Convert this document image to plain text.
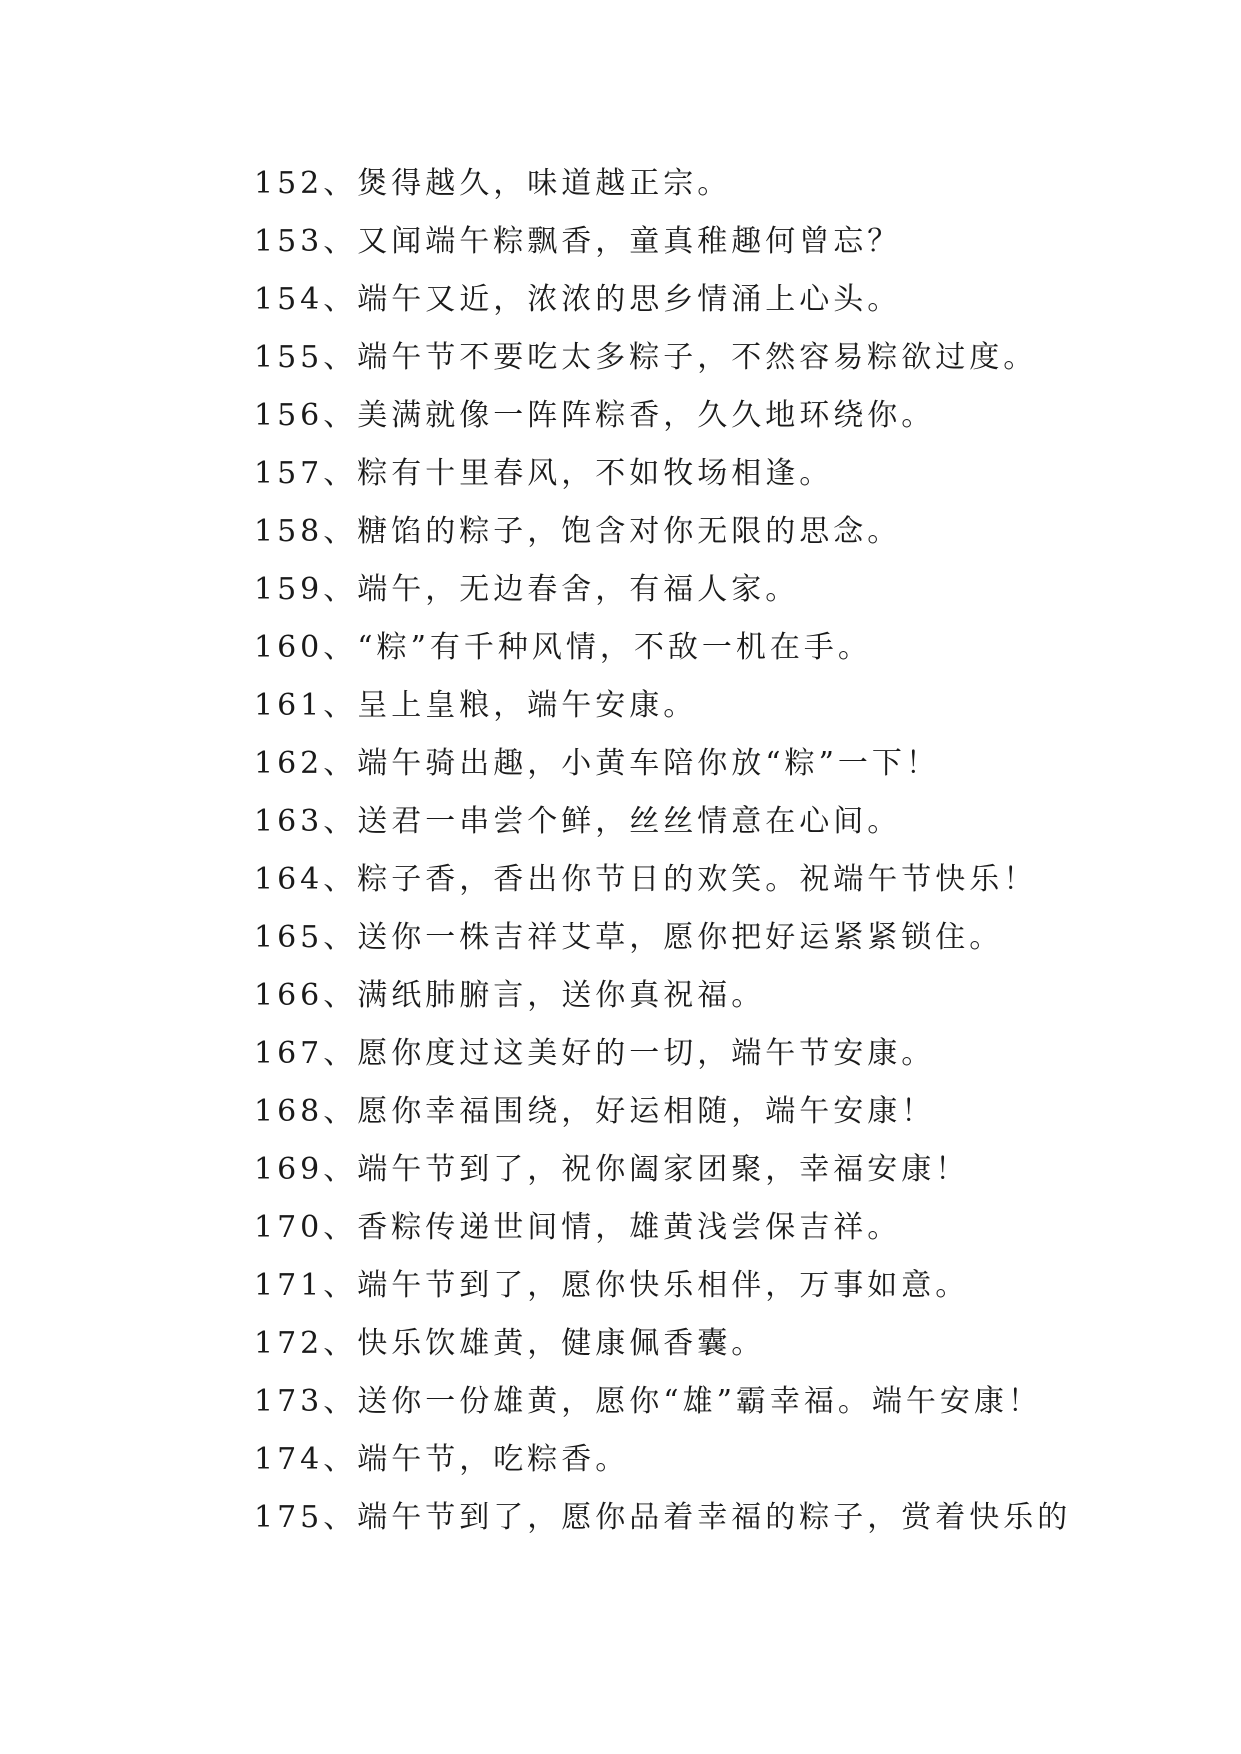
152、煲得越久，味道越正宗。
153、又闻端午粽飘香，童真稚趣何曾忘？
154、端午又近，浓浓的思乡情涌上心头。
155、端午节不要吃太多粽子，不然容易粽欲过度。
156、美满就像一阵阵粽香，久久地环绕你。
157、粽有十里春风，不如牧场相逢。
158、糖馅的粽子，饱含对你无限的思念。
159、端午，无边春舍，有福人家。
160、“粽”有千种风情，不敌一机在手。
161、呈上皇粮，端午安康。
162、端午骑出趣，小黄车陪你放“粽”一下！
163、送君一串尝个鲜，丝丝情意在心间。
164、粽子香，香出你节日的欢笑。祝端午节快乐！
165、送你一株吉祥艾草，愿你把好运紧紧锁住。
166、满纸肺腑言，送你真祝福。
167、愿你度过这美好的一切，端午节安康。
168、愿你幸福围绕，好运相随，端午安康！
169、端午节到了，祝你阖家团聚，幸福安康！
170、香粽传递世间情，雄黄浅尝保吉祥。
171、端午节到了，愿你快乐相伴，万事如意。
172、快乐饮雄黄，健康佩香囊。
173、送你一份雄黄，愿你“雄”霸幸福。端午安康！
174、端午节，吃粽香。
175、端午节到了，愿你品着幸福的粽子，赏着快乐的
